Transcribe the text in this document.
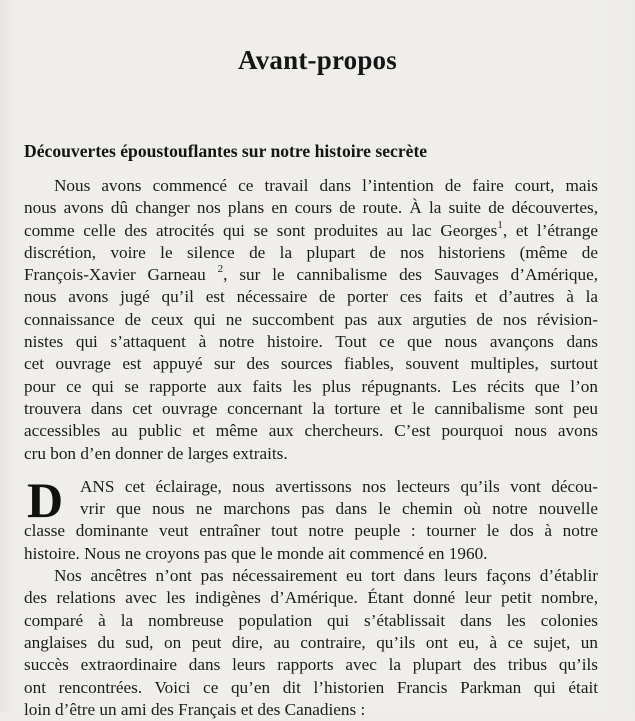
Avant-propos
Découvertes époustouflantes sur notre histoire secrète
Nous avons commencé ce travail dans l’intention de faire court, mais
nous avons dû changer nos plans en cours de route. À la suite de découvertes,
comme celle des atrocités qui se sont produites au lac Georges$^1$, et l’étrange
discrétion, voire le silence de la plupart de nos historiens (même de
François-Xavier Garneau $^2$, sur le cannibalisme des Sauvages d’Amérique,
nous avons jugé qu’il est nécessaire de porter ces faits et d’autres à la
connaissance de ceux qui ne succombent pas aux arguties de nos révision-
nistes qui s’attaquent à notre histoire. Tout ce que nous avançons dans
cet ouvrage est appuyé sur des sources fiables, souvent multiples, surtout
pour ce qui se rapporte aux faits les plus répugnants. Les récits que l’on
trouvera dans cet ouvrage concernant la torture et le cannibalisme sont peu
accessibles au public et même aux chercheurs. C’est pourquoi nous avons
cru bon d’en donner de larges extraits.
D ANS cet éclairage, nous avertissons nos lecteurs qu’ils vont décou-
vrir que nous ne marchons pas dans le chemin où notre nouvelle
classe dominante veut entraîner tout notre peuple : tourner le dos à notre
histoire. Nous ne croyons pas que le monde ait commencé en 1960.
Nos ancêtres n’ont pas nécessairement eu tort dans leurs façons d’établir
des relations avec les indigènes d’Amérique. Étant donné leur petit nombre,
comparé à la nombreuse population qui s’établissait dans les colonies
anglaises du sud, on peut dire, au contraire, qu’ils ont eu, à ce sujet, un
succès extraordinaire dans leurs rapports avec la plupart des tribus qu’ils
ont rencontrées. Voici ce qu’en dit l’historien Francis Parkman qui était
loin d’être un ami des Français et des Canadiens :
